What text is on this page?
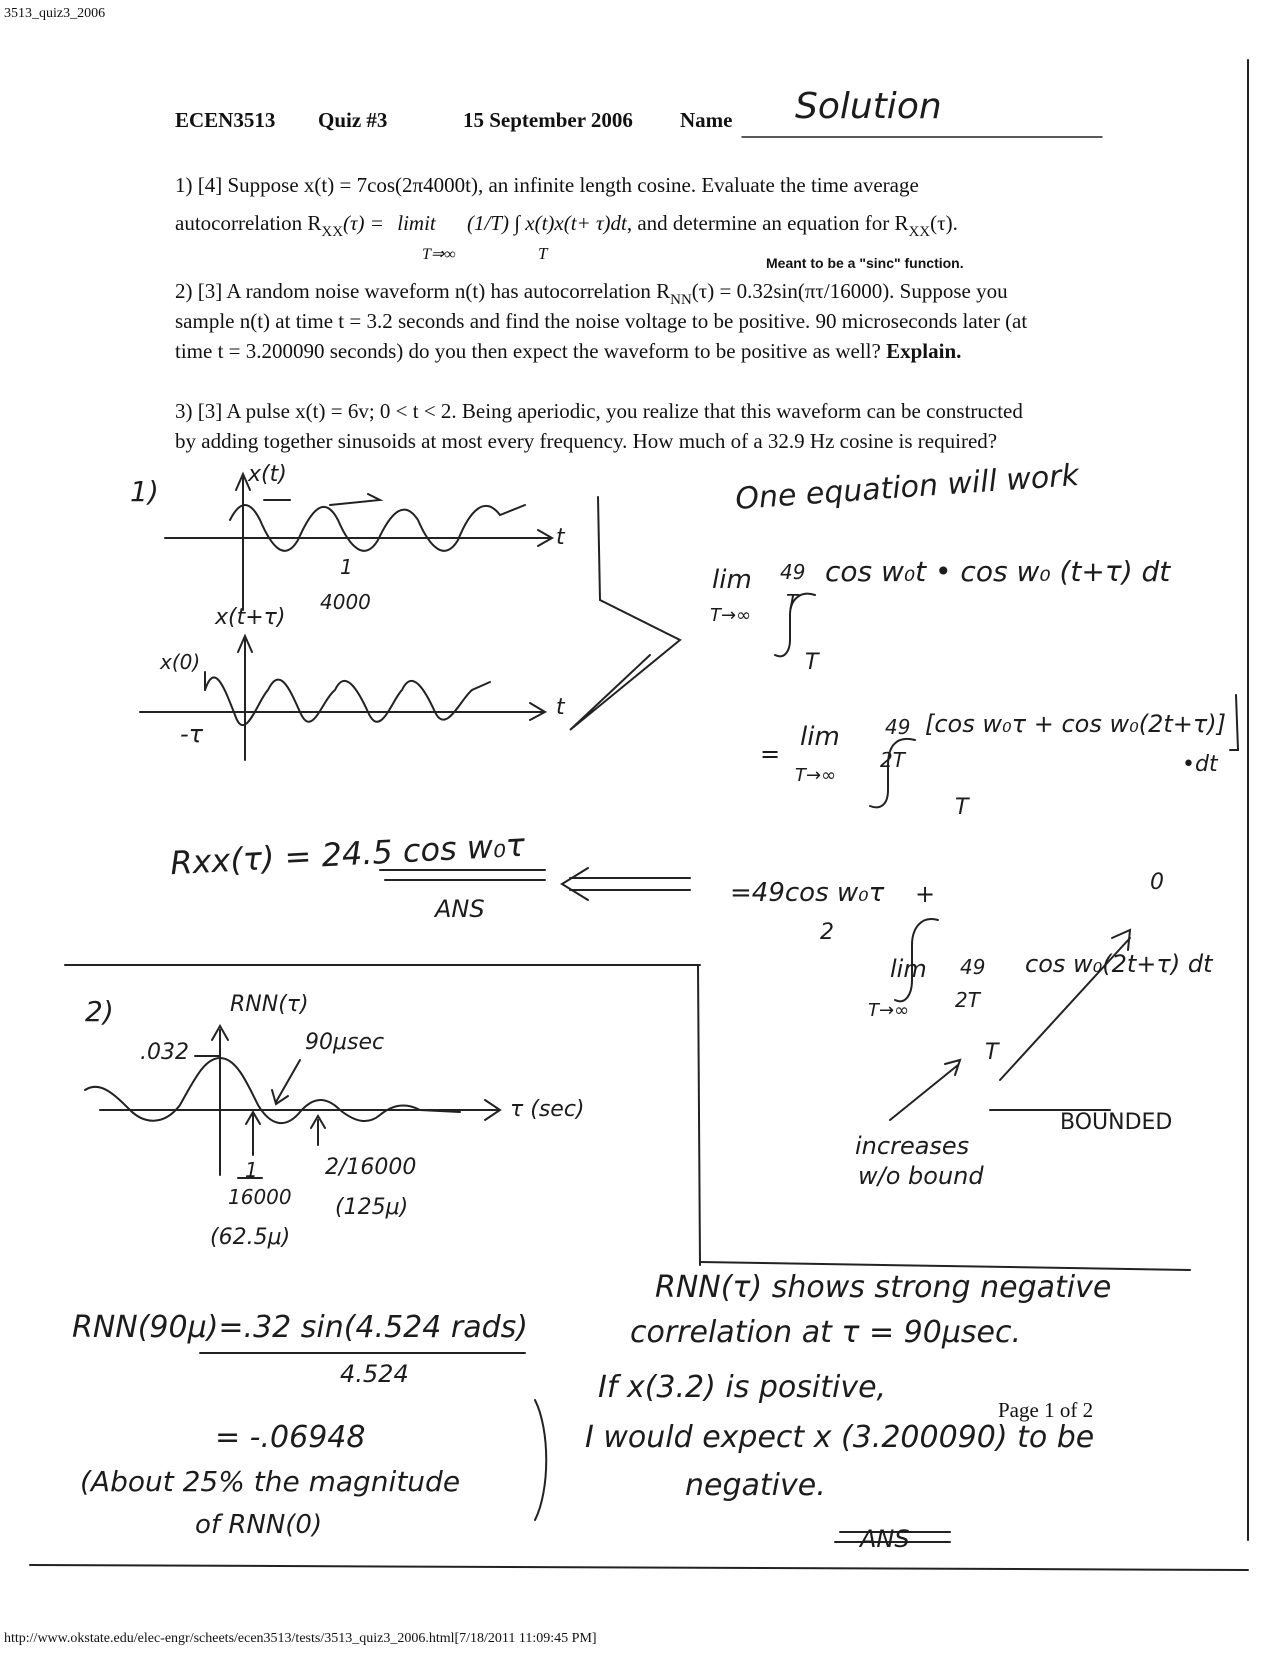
3513_quiz3_2006
http://www.okstate.edu/elec-engr/scheets/ecen3513/tests/3513_quiz3_2006.html[7/18/2011 11:09:45 PM]
ECEN3513 Quiz #3	15 September 2006 Name Solution
1) [4] Suppose x(t) = 7cos(2π4000t), an infinite length cosine. Evaluate the time average
autocorrelation $R_{XX}(\tau)$ = limit (1/T) ∫ x(t)x(t+ τ)dt, and determine an equation for $R_{XX}(\tau)$.
T⇒∞	T	Meant to be a "sinc" function.
2) [3] A random noise waveform n(t) has autocorrelation $R_{NN}(\tau) = 0.32\sin(\pi\tau/16000)$. Suppose you
sample n(t) at time t = 3.2 seconds and find the noise voltage to be positive. 90 microseconds later (at
time t = 3.200090 seconds) do you then expect the waveform to be positive as well? Explain.
3) [3] A pulse x(t) = 6v; 0 < t < 2. Being aperiodic, you realize that this waveform can be constructed
by adding together sinusoids at most every frequency. How much of a 32.9 Hz cosine is required?
1)
x(t)
t
1
4000
x(t+τ)
x(0)
-τ
t
One equation will work
lim
T→∞
49
T
cos w₀t • cos w₀ (t+τ) dt
T
=
lim
T→∞
49
2T
[cos w₀τ + cos w₀(2t+τ)]
•dt
T
Rxx(τ) = 24.5 cos w₀τ
ANS
=49cos w₀τ
2
+	0
lim
T→∞
49
2T
cos w₀(2t+τ) dt
T
increases
w/o bound
BOUNDED
2)	RNN(τ)
.032	90μsec
τ (sec)
1
16000
(62.5μ)
2/16000
(125μ)
RNN(90μ)=.32 sin(4.524 rads)
4.524
= -.06948
(About 25% the magnitude
of RNN(0)
RNN(τ) shows strong negative
correlation at τ = 90μsec.
If x(3.2) is positive,
I would expect x (3.200090) to be
negative.
ANS
Page 1 of 2
